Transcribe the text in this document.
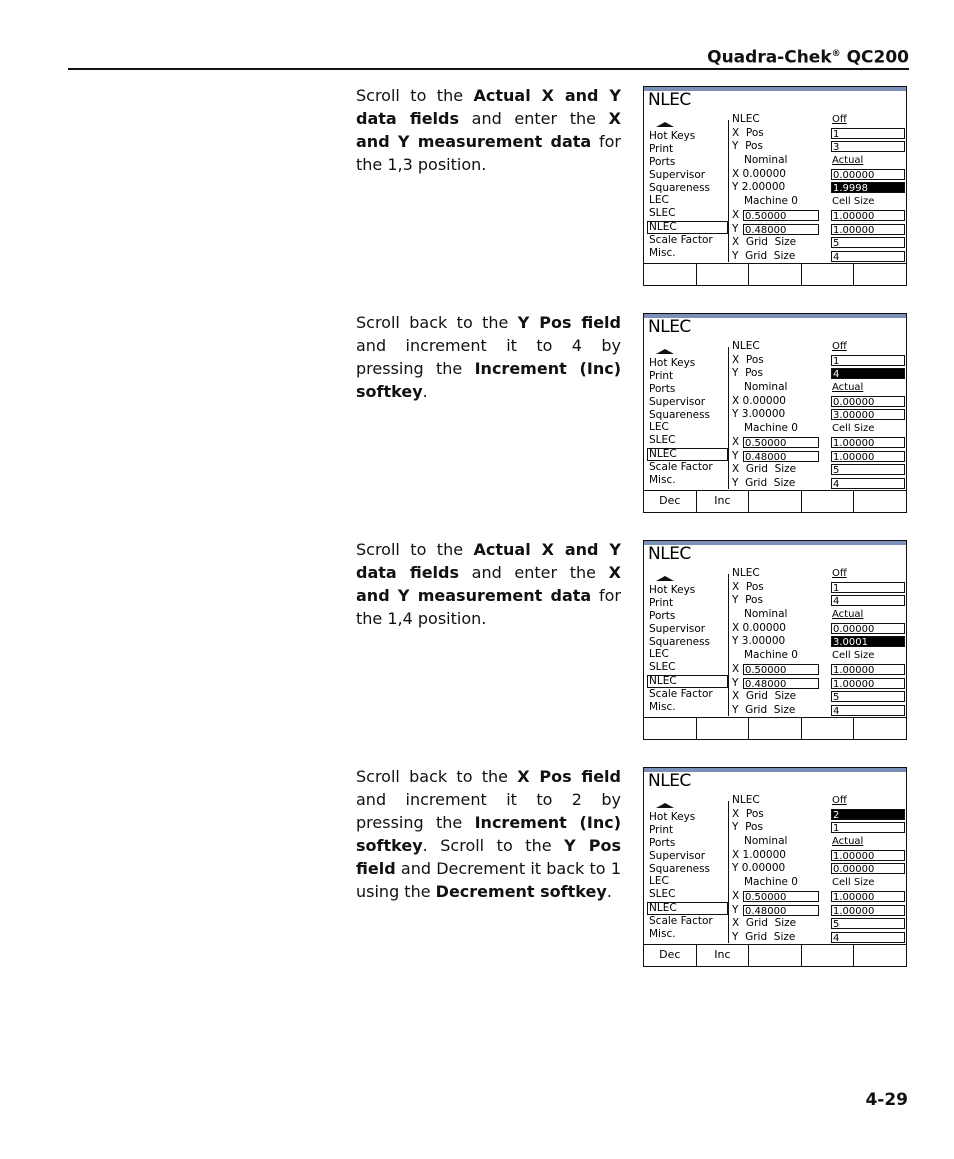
Quadra-Chek® QC200
Scroll to the Actual X and Y data fields and enter the X and Y measurement data for the 1,3 position.
NLEC
Hot Keys
Print
Ports
Supervisor
Squareness
LEC
SLEC
NLEC
Scale Factor
Misc.
NLEC	Off
X  Pos	1
Y  Pos	3
Nominal	Actual
X 0.00000	0.00000
Y 2.00000	1.9998
Machine 0	Cell Size
X 0.50000	1.00000
Y 0.48000	1.00000
X  Grid  Size	5
Y  Grid  Size	4
Scroll back to the Y Pos field and increment it to 4 by pressing the Increment (Inc) softkey.
NLEC
Hot Keys
Print
Ports
Supervisor
Squareness
LEC
SLEC
NLEC
Scale Factor
Misc.
NLEC	Off
X  Pos	1
Y  Pos	4
Nominal	Actual
X 0.00000	0.00000
Y 3.00000	3.00000
Machine 0	Cell Size
X 0.50000	1.00000
Y 0.48000	1.00000
X  Grid  Size	5
Y  Grid  Size	4
Dec	Inc
Scroll to the Actual X and Y data fields and enter the X and Y measurement data for the 1,4 position.
NLEC
Hot Keys
Print
Ports
Supervisor
Squareness
LEC
SLEC
NLEC
Scale Factor
Misc.
NLEC	Off
X  Pos	1
Y  Pos	4
Nominal	Actual
X 0.00000	0.00000
Y 3.00000	3.0001
Machine 0	Cell Size
X 0.50000	1.00000
Y 0.48000	1.00000
X  Grid  Size	5
Y  Grid  Size	4
Scroll back to the X Pos field and increment it to 2 by pressing the Increment (Inc) softkey. Scroll to the Y Pos field and Decrement it back to 1 using the Decrement softkey.
NLEC
Hot Keys
Print
Ports
Supervisor
Squareness
LEC
SLEC
NLEC
Scale Factor
Misc.
NLEC	Off
X  Pos	2
Y  Pos	1
Nominal	Actual
X 1.00000	1.00000
Y 0.00000	0.00000
Machine 0	Cell Size
X 0.50000	1.00000
Y 0.48000	1.00000
X  Grid  Size	5
Y  Grid  Size	4
Dec	Inc
4-29
